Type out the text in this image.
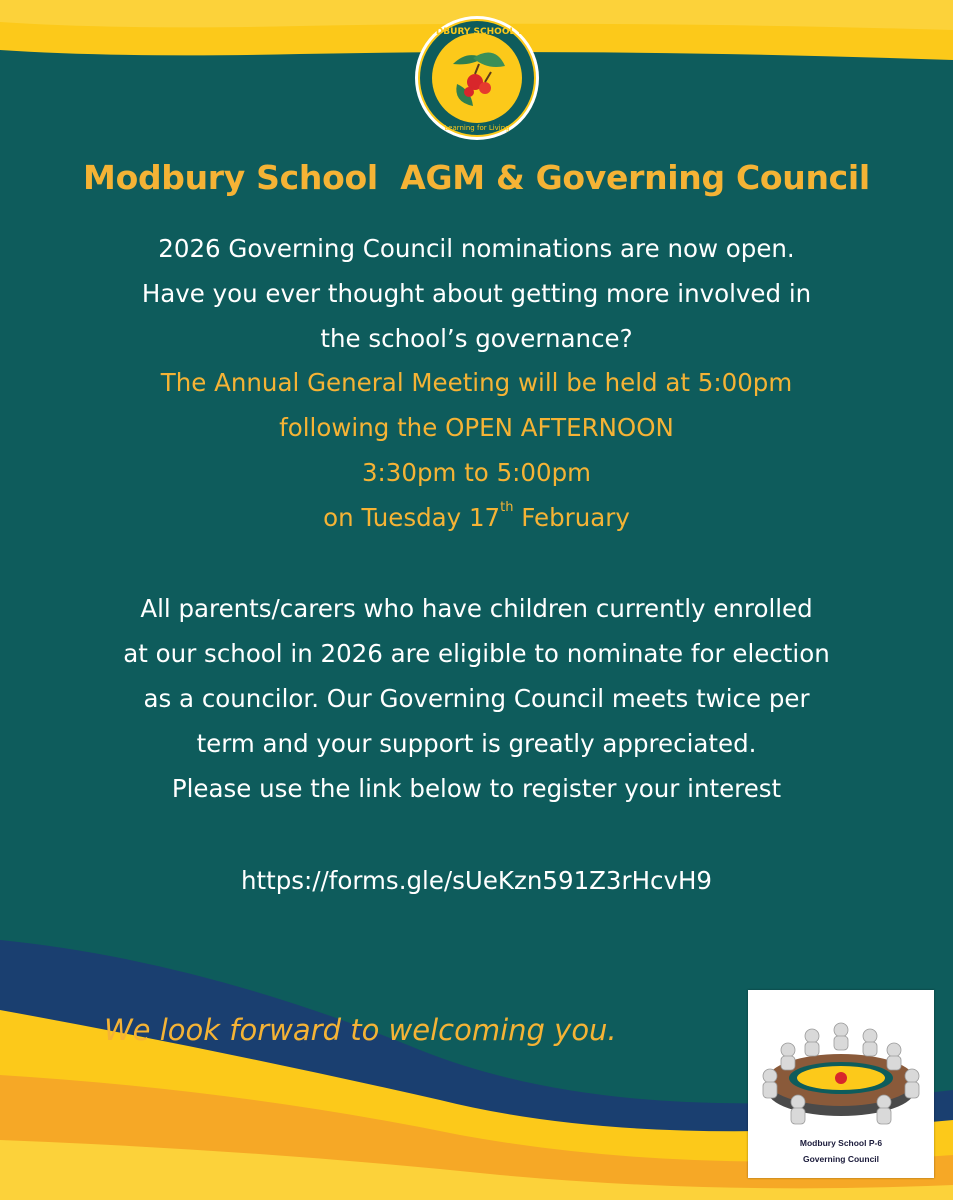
MODBURY SCHOOL P-6
Learning for Living
Modbury School  AGM & Governing Council
2026 Governing Council nominations are now open.
Have you ever thought about getting more involved in
the school’s governance?
The Annual General Meeting will be held at 5:00pm
following the OPEN AFTERNOON
3:30pm to 5:00pm
on Tuesday 17th February
All parents/carers who have children currently enrolled
at our school in 2026 are eligible to nominate for election
as a councilor. Our Governing Council meets twice per
term and your support is greatly appreciated.
Please use the link below to register your interest
https://forms.gle/sUeKzn591Z3rHcvH9
We look forward to welcoming you.
Modbury School P-6
Governing Council
